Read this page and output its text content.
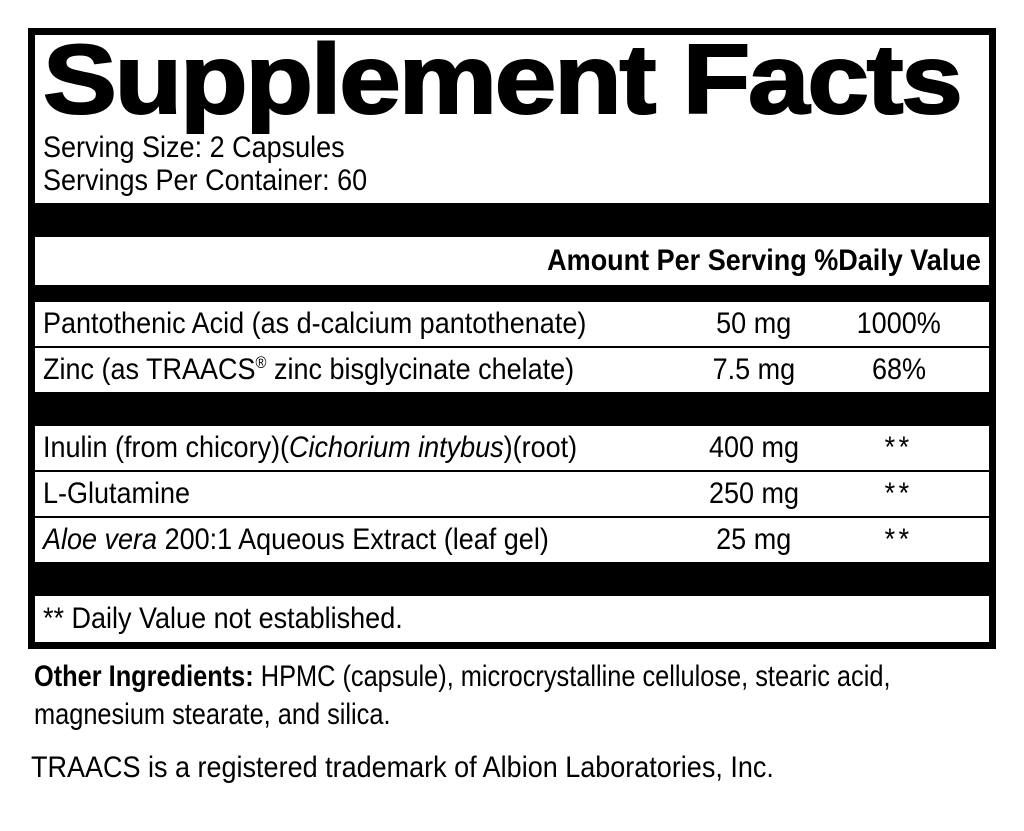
Supplement Facts
Serving Size: 2 Capsules
Servings Per Container: 60
Amount Per Serving %Daily Value
Pantothenic Acid (as d-calcium pantothenate)	50 mg	1000%
Zinc (as TRAACS® zinc bisglycinate chelate)	7.5 mg	68%
Inulin (from chicory)(Cichorium intybus)(root)	400 mg	**
L-Glutamine	250 mg	**
Aloe vera 200:1 Aqueous Extract (leaf gel)	25 mg	**
** Daily Value not established.

Other Ingredients: HPMC (capsule), microcrystalline cellulose, stearic acid, magnesium stearate, and silica.

TRAACS is a registered trademark of Albion Laboratories, Inc.
